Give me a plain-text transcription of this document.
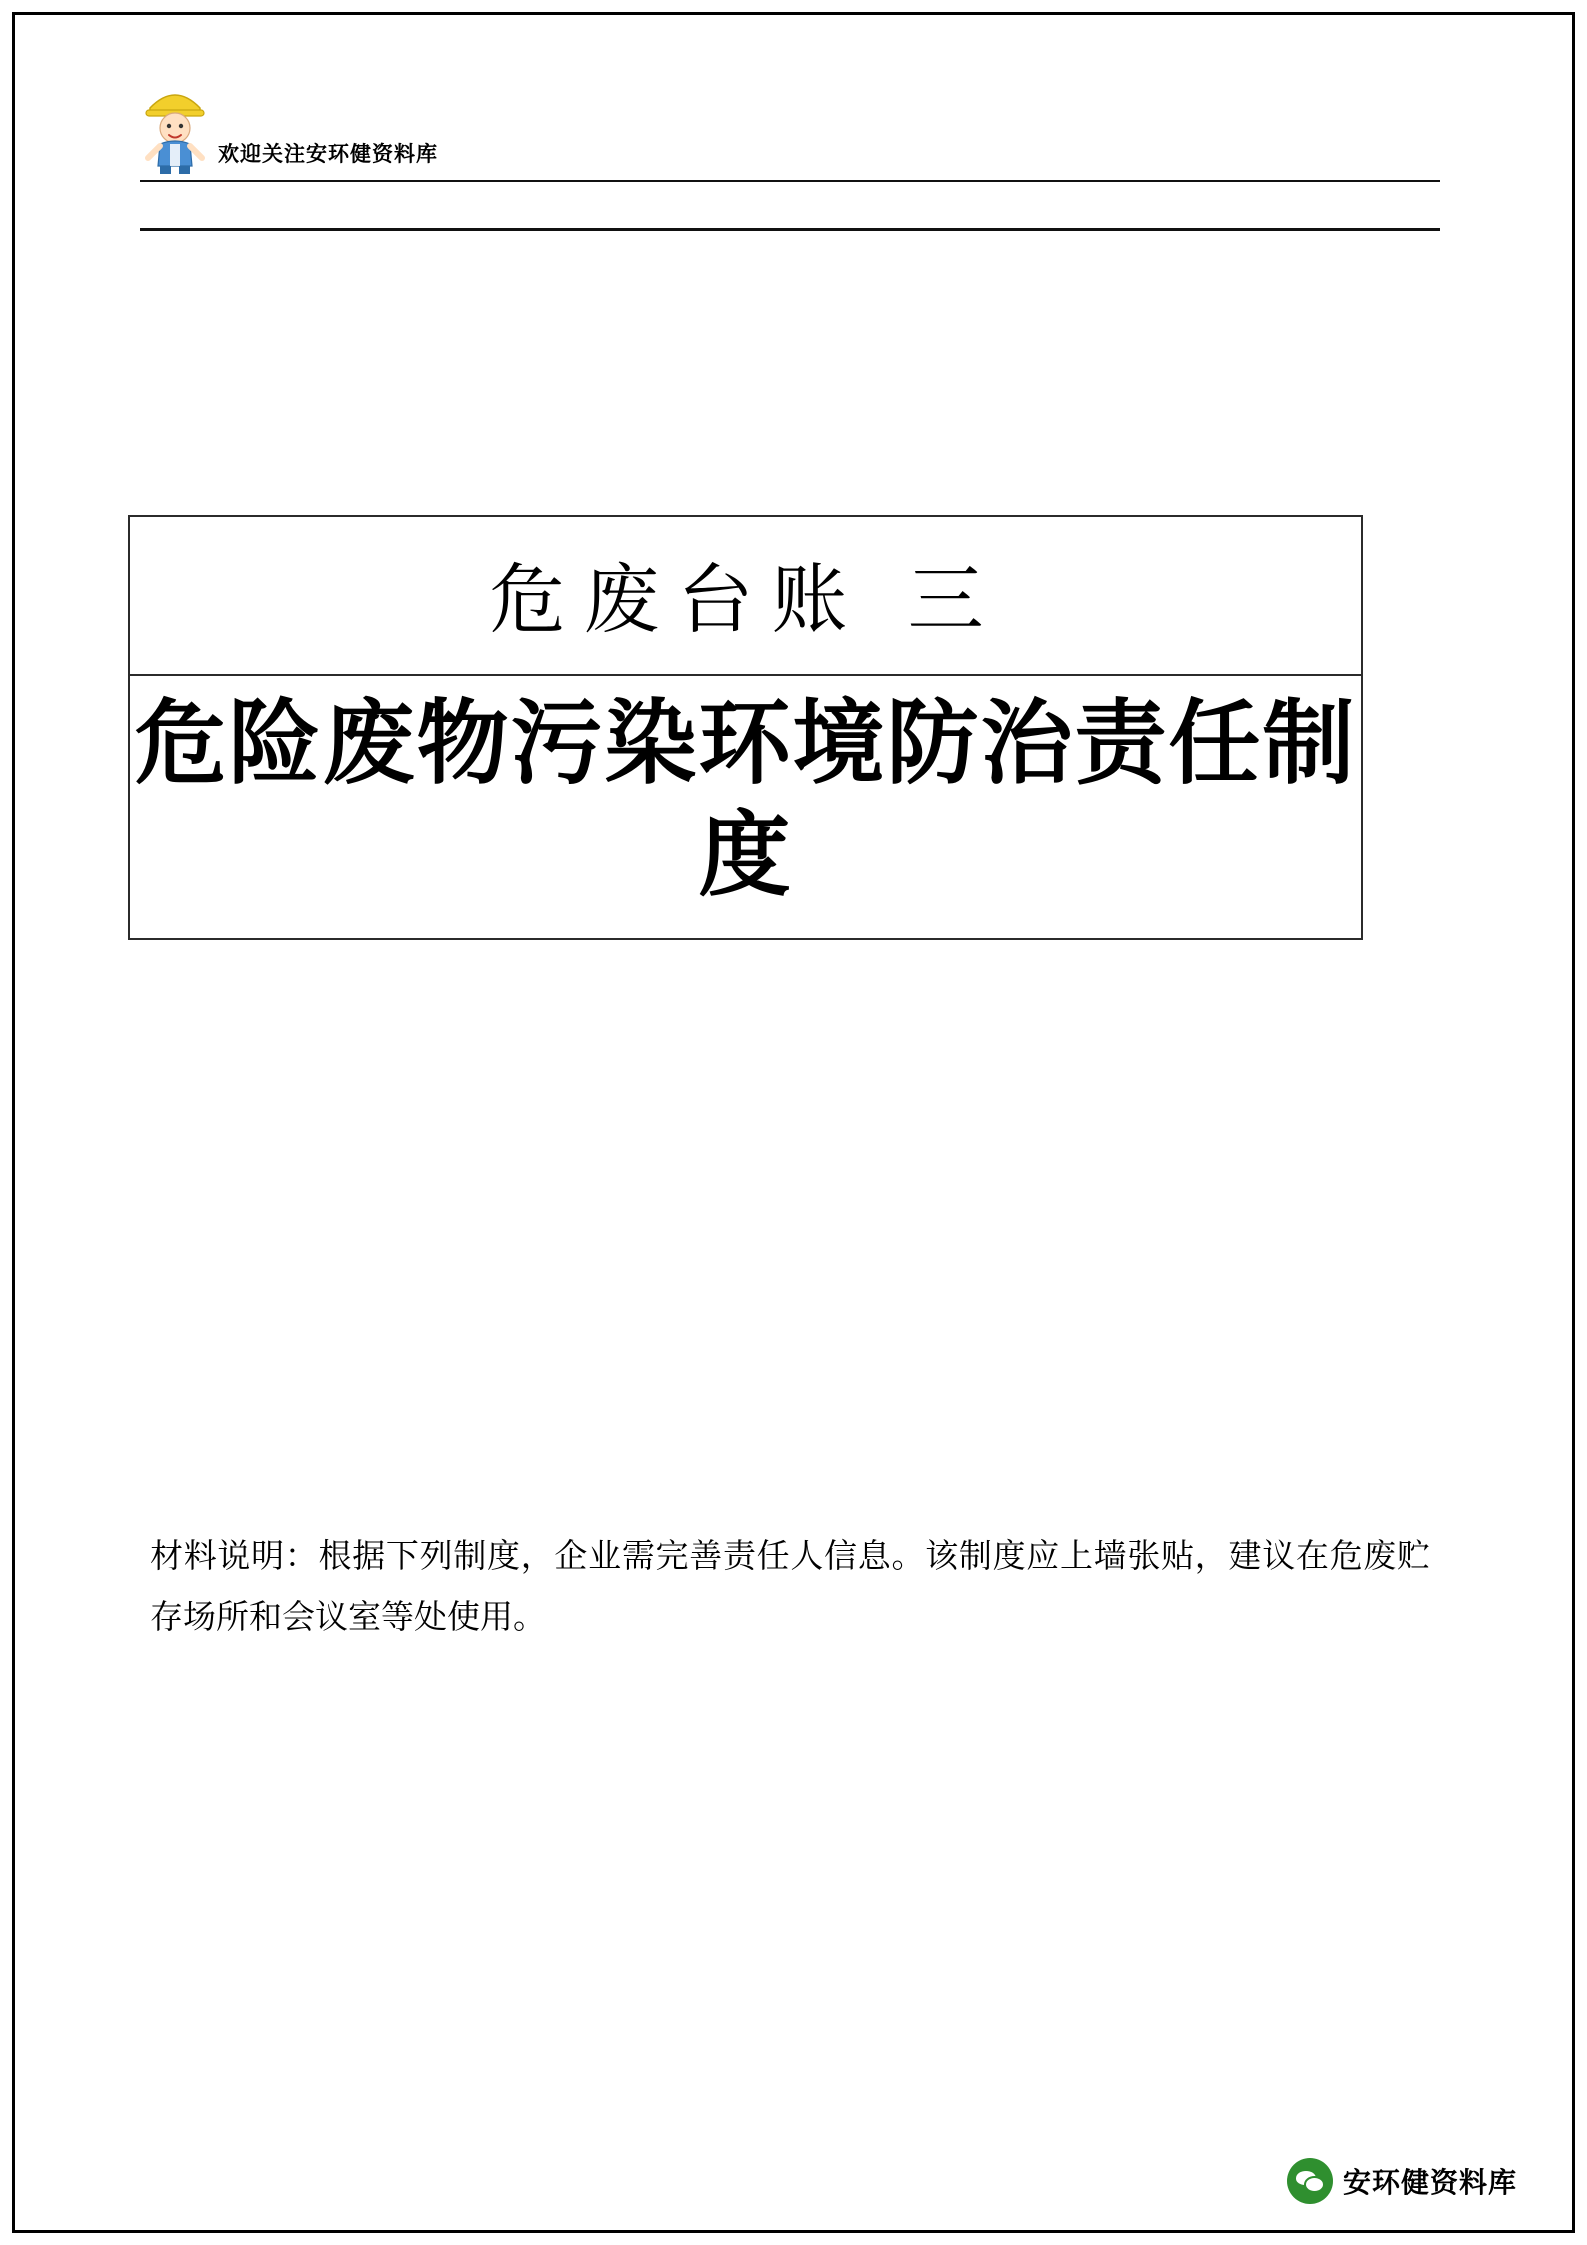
欢迎关注安环健资料库
危废台账 三
危险废物污染环境防治责任制度
材料说明：根据下列制度，企业需完善责任人信息。该制度应上墙张贴，建议在危废贮存场所和会议室等处使用。
安环健资料库
